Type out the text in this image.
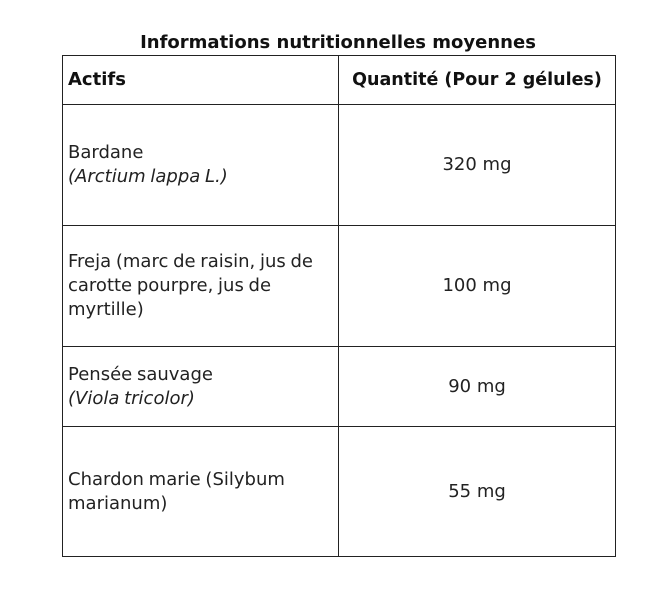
Informations nutritionnelles moyennes
Actifs	Quantité (Pour 2 gélules)

Bardane
(Arctium lappa L.)	320 mg

Freja (marc de raisin, jus de carotte pourpre, jus de myrtille)	100 mg

Pensée sauvage
(Viola tricolor)	90 mg

Chardon marie (Silybum marianum)	55 mg
